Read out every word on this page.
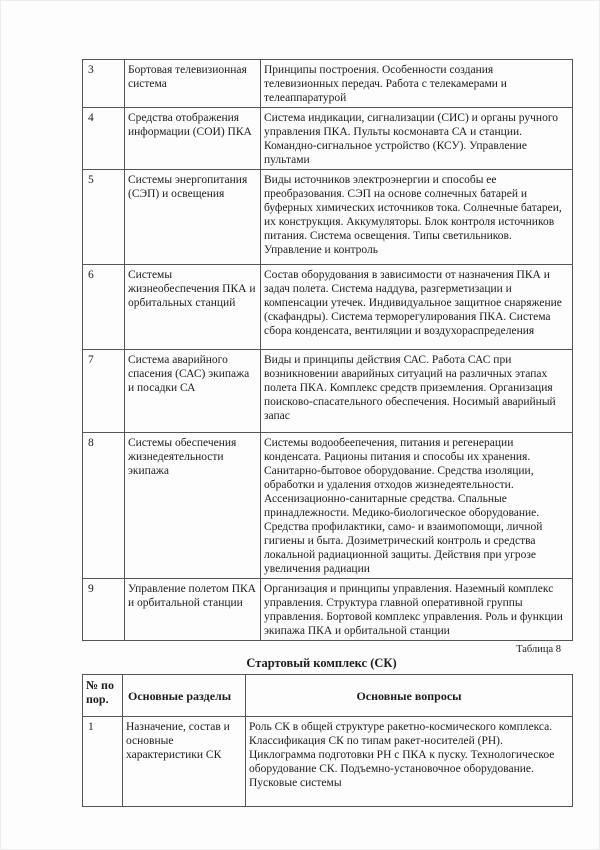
3	Бортовая телевизионная система	Принципы построения. Особенности создания телевизионных передач. Работа с телекамерами и телеаппаратурой
4	Средства отображения информации (СОИ) ПКА	Система индикации, сигнализации (СИС) и органы ручного управления ПКА. Пульты космонавта СА и станции. Командно-сигнальное устройство (КСУ). Управление пультами
5	Системы энергопитания (СЭП) и освещения	Виды источников электроэнергии и способы ее преобразования. СЭП на основе солнечных батарей и буферных химических источников тока. Солнечные батареи, их конструкция. Аккумуляторы. Блок контроля источников питания. Система освещения. Типы светильников. Управление и контроль
6	Системы жизнеобеспечения ПКА и орбитальных станций	Состав оборудования в зависимости от назначения ПКА и задач полета. Система наддува, разгерметизации и компенсации утечек. Индивидуальное защитное снаряжение (скафандры). Система терморегулирования ПКА. Система сбора конденсата, вентиляции и воздухораспределения
7	Система аварийного спасения (САС) экипажа и посадки СА	Виды и принципы действия САС. Работа САС при возникновении аварийных ситуаций на различных этапах полета ПКА. Комплекс средств приземления. Организация поисково-спасательного обеспечения. Носимый аварийный запас
8	Системы обеспечения жизнедеятельности экипажа	Системы водообеепечения, питания и регенерации конденсата. Рационы питания и способы их хранения. Санитарно-бытовое оборудование. Средства изоляции, обработки и удаления отходов жизнедеятельности. Ассенизационно-санитарные средства. Спальные принадлежности. Медико-биологическое оборудование. Средства профилактики, само- и взаимопомощи, личной гигиены и быта. Дозиметрический контроль и средства локальной радиационной защиты. Действия при угрозе увеличения радиации
9	Управление полетом ПКА и орбитальной станции	Организация и принципы управления. Наземный комплекс управления. Структура главной оперативной группы управления. Бортовой комплекс управления. Роль и функции экипажа ПКА и орбитальной станции
Таблица 8
Стартовый комплекс (СК)
№ по пор.	Основные разделы	Основные вопросы
1	Назначение, состав и основные характеристики СК	Роль СК в общей структуре ракетно-космического комплекса. Классификация СК по типам ракет-носителей (РН). Циклограмма подготовки РН с ПКА к пуску. Технологическое оборудование СК. Подъемно-установочное оборудование. Пусковые системы
